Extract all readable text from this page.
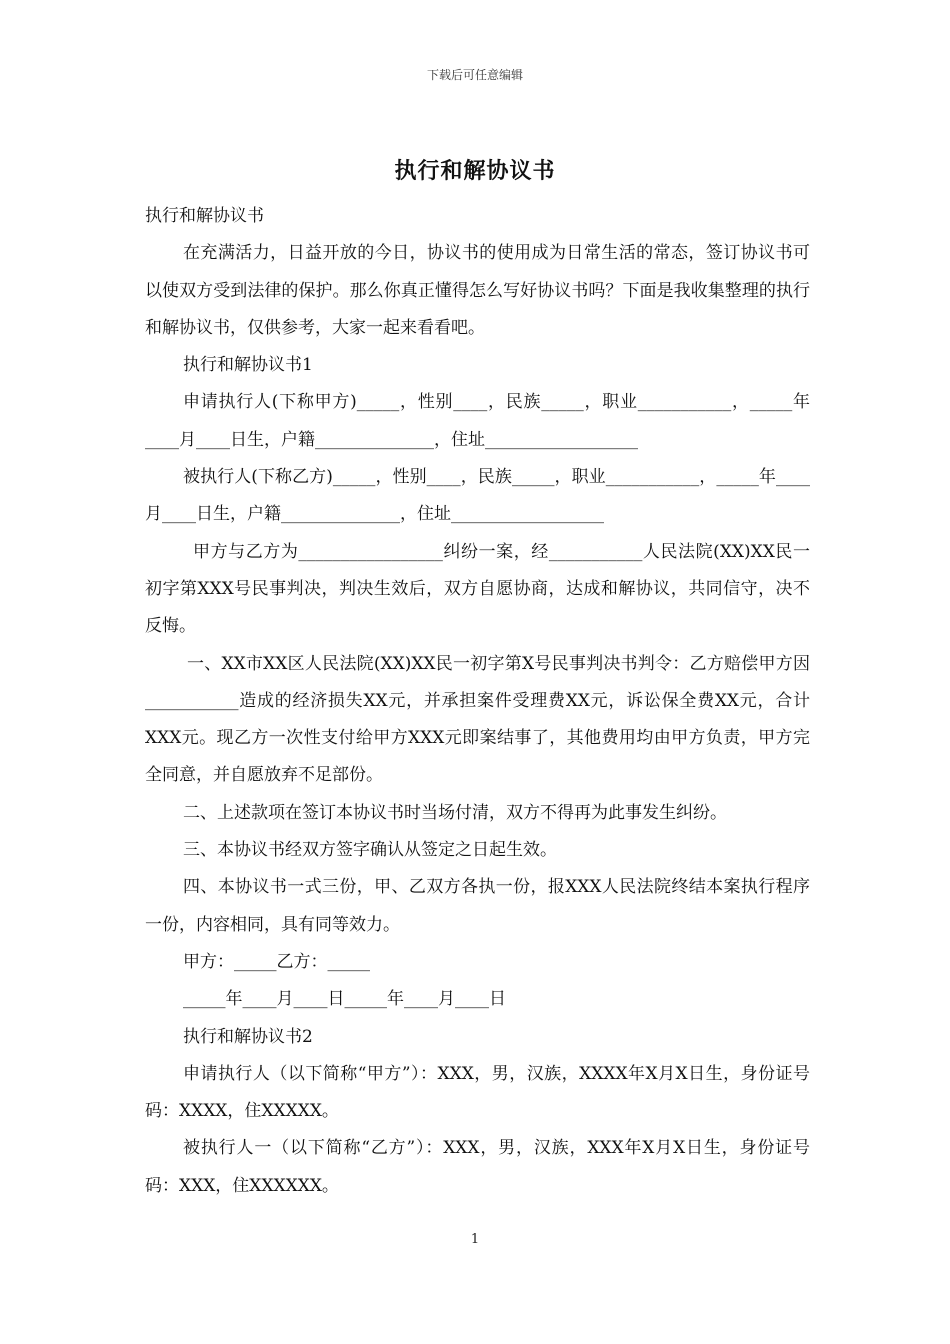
下载后可任意编辑
执行和解协议书

执行和解协议书

在充满活力，日益开放的今日，协议书的使用成为日常生活的常态，签订协议书可以使双方受到法律的保护。那么你真正懂得怎么写好协议书吗？下面是我收集整理的执行和解协议书，仅供参考，大家一起来看看吧。

执行和解协议书1

申请执行人(下称甲方)_____，性别____，民族_____，职业___________，_____年____月____日生，户籍______________，住址__________________

被执行人(下称乙方)_____，性别____，民族_____，职业___________，_____年____月____日生，户籍______________，住址__________________

甲方与乙方为_________________纠纷一案，经___________人民法院(XX)XX民一初字第XXX号民事判决，判决生效后，双方自愿协商，达成和解协议，共同信守，决不反悔。

一、XX市XX区人民法院(XX)XX民一初字第X号民事判决书判令：乙方赔偿甲方因___________造成的经济损失XX元，并承担案件受理费XX元，诉讼保全费XX元，合计XXX元。现乙方一次性支付给甲方XXX元即案结事了，其他费用均由甲方负责，甲方完全同意，并自愿放弃不足部份。

二、上述款项在签订本协议书时当场付清，双方不得再为此事发生纠纷。

三、本协议书经双方签字确认从签定之日起生效。

四、本协议书一式三份，甲、乙双方各执一份，报XXX人民法院终结本案执行程序一份，内容相同，具有同等效力。

甲方：_____乙方：_____

_____年____月____日_____年____月____日

执行和解协议书2

申请执行人（以下简称“甲方”）：XXX，男，汉族，XXXX年X月X日生，身份证号码：XXXX，住XXXXX。

被执行人一（以下简称“乙方”）：XXX，男，汉族，XXX年X月X日生，身份证号码：XXX，住XXXXXX。

1
